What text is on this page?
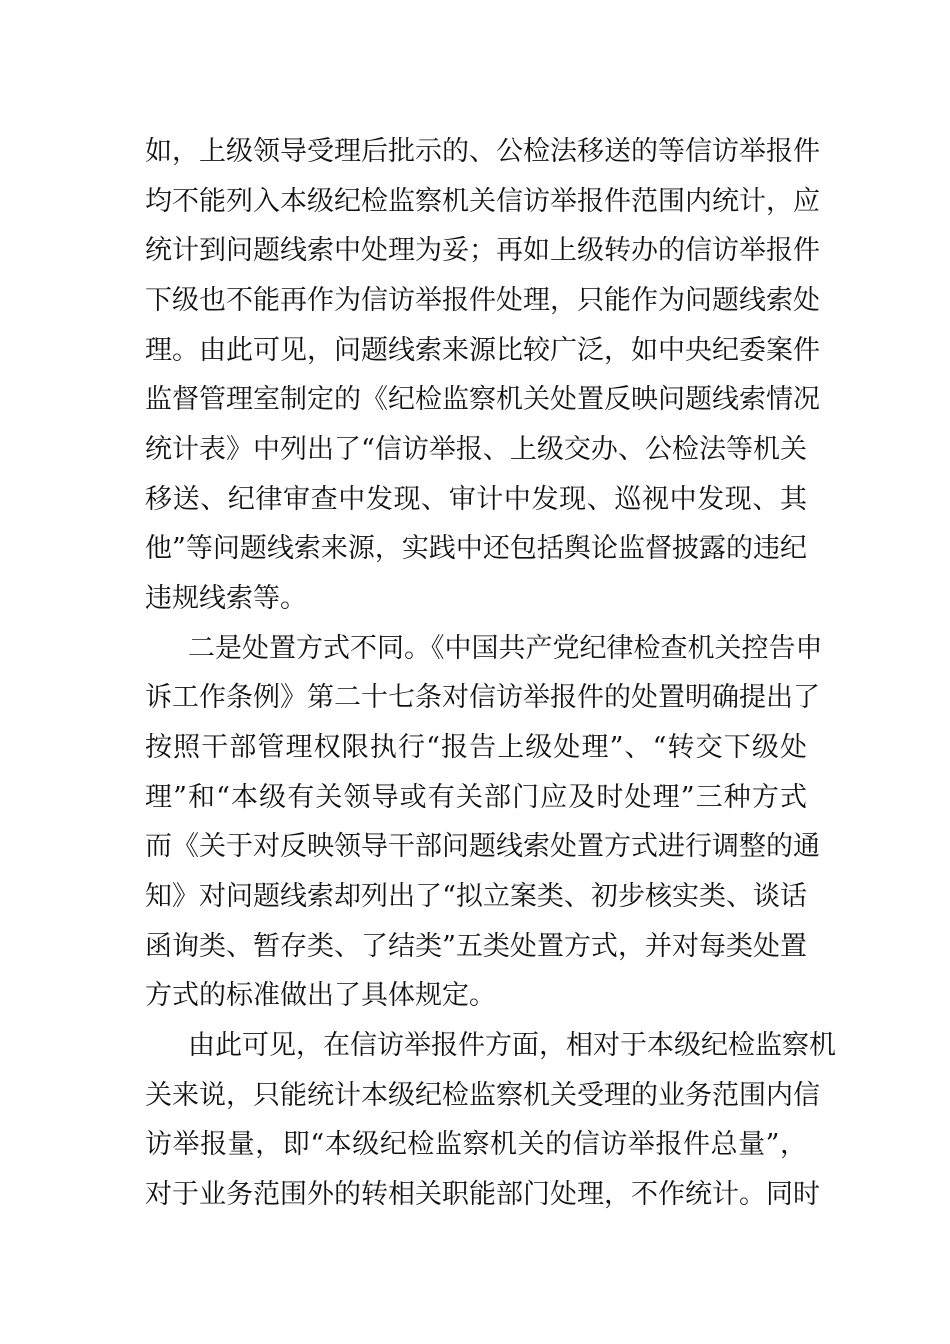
如，上级领导受理后批示的、公检法移送的等信访举报件
均不能列入本级纪检监察机关信访举报件范围内统计，应
统计到问题线索中处理为妥；再如上级转办的信访举报件
下级也不能再作为信访举报件处理，只能作为问题线索处
理。由此可见，问题线索来源比较广泛，如中央纪委案件
监督管理室制定的《纪检监察机关处置反映问题线索情况
统计表》中列出了“信访举报、上级交办、公检法等机关
移送、纪律审查中发现、审计中发现、巡视中发现、其
他”等问题线索来源，实践中还包括舆论监督披露的违纪
违规线索等。
二是处置方式不同。《中国共产党纪律检查机关控告申
诉工作条例》第二十七条对信访举报件的处置明确提出了
按照干部管理权限执行“报告上级处理”、“转交下级处
理”和“本级有关领导或有关部门应及时处理”三种方式
而《关于对反映领导干部问题线索处置方式进行调整的通
知》对问题线索却列出了“拟立案类、初步核实类、谈话
函询类、暂存类、了结类”五类处置方式，并对每类处置
方式的标准做出了具体规定。
由此可见，在信访举报件方面，相对于本级纪检监察机
关来说，只能统计本级纪检监察机关受理的业务范围内信
访举报量，即“本级纪检监察机关的信访举报件总量”，
对于业务范围外的转相关职能部门处理，不作统计。同时
